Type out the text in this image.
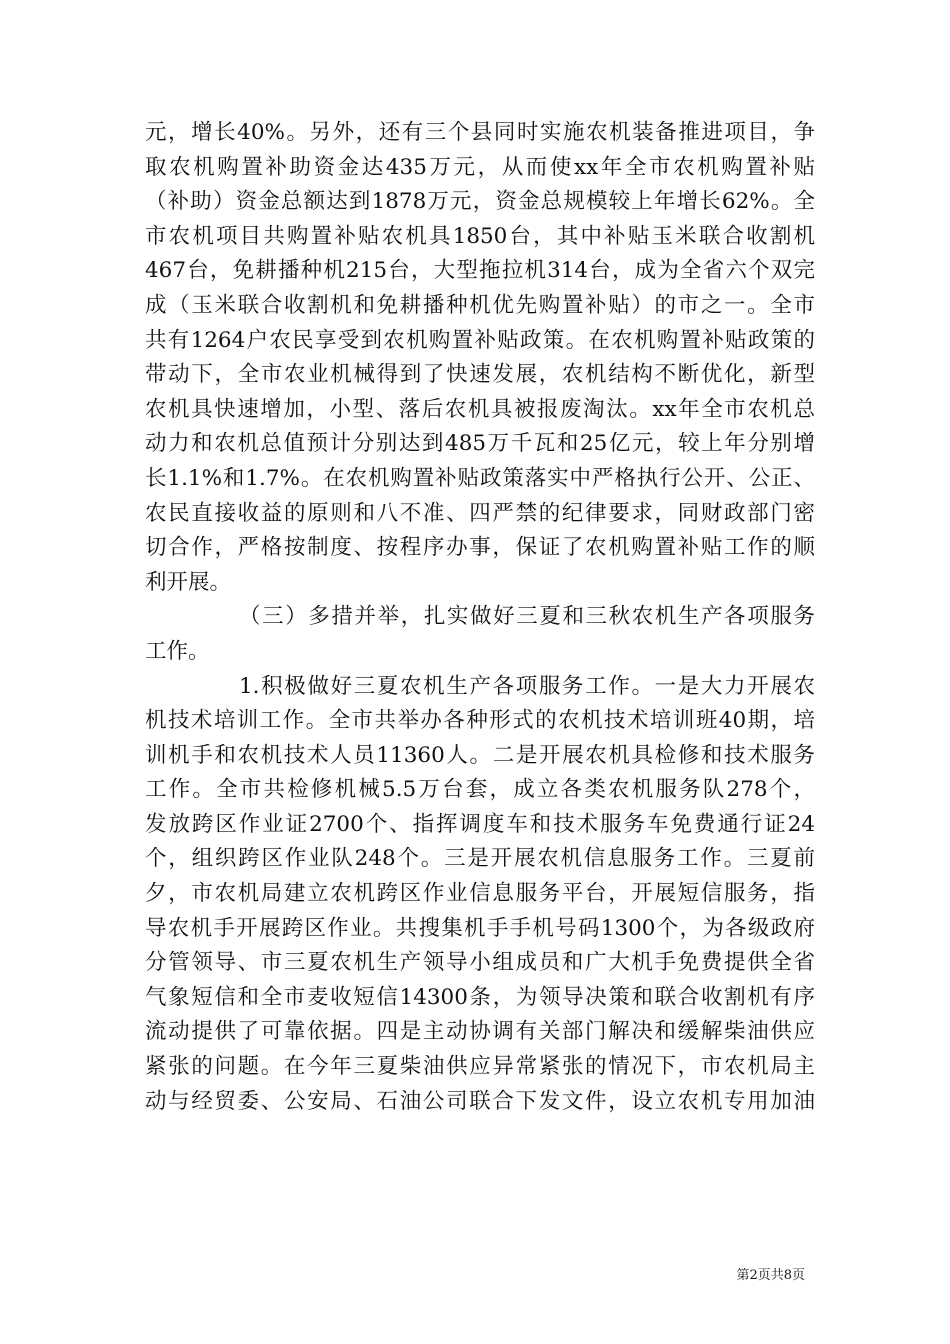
元，增长40%。另外，还有三个县同时实施农机装备推进项目，争
取农机购置补助资金达435万元，从而使xx年全市农机购置补贴
（补助）资金总额达到1878万元，资金总规模较上年增长62%。全
市农机项目共购置补贴农机具1850台，其中补贴玉米联合收割机
467台，免耕播种机215台，大型拖拉机314台，成为全省六个双完
成（玉米联合收割机和免耕播种机优先购置补贴）的市之一。全市
共有1264户农民享受到农机购置补贴政策。在农机购置补贴政策的
带动下，全市农业机械得到了快速发展，农机结构不断优化，新型
农机具快速增加，小型、落后农机具被报废淘汰。xx年全市农机总
动力和农机总值预计分别达到485万千瓦和25亿元，较上年分别增
长1.1%和1.7%。在农机购置补贴政策落实中严格执行公开、公正、
农民直接收益的原则和八不准、四严禁的纪律要求，同财政部门密
切合作，严格按制度、按程序办事，保证了农机购置补贴工作的顺
利开展。
（三）多措并举，扎实做好三夏和三秋农机生产各项服务
工作。
1.积极做好三夏农机生产各项服务工作。一是大力开展农
机技术培训工作。全市共举办各种形式的农机技术培训班40期，培
训机手和农机技术人员11360人。二是开展农机具检修和技术服务
工作。全市共检修机械5.5万台套，成立各类农机服务队278个，
发放跨区作业证2700个、指挥调度车和技术服务车免费通行证24
个，组织跨区作业队248个。三是开展农机信息服务工作。三夏前
夕，市农机局建立农机跨区作业信息服务平台，开展短信服务，指
导农机手开展跨区作业。共搜集机手手机号码1300个，为各级政府
分管领导、市三夏农机生产领导小组成员和广大机手免费提供全省
气象短信和全市麦收短信14300条，为领导决策和联合收割机有序
流动提供了可靠依据。四是主动协调有关部门解决和缓解柴油供应
紧张的问题。在今年三夏柴油供应异常紧张的情况下，市农机局主
动与经贸委、公安局、石油公司联合下发文件，设立农机专用加油
第2页共8页
